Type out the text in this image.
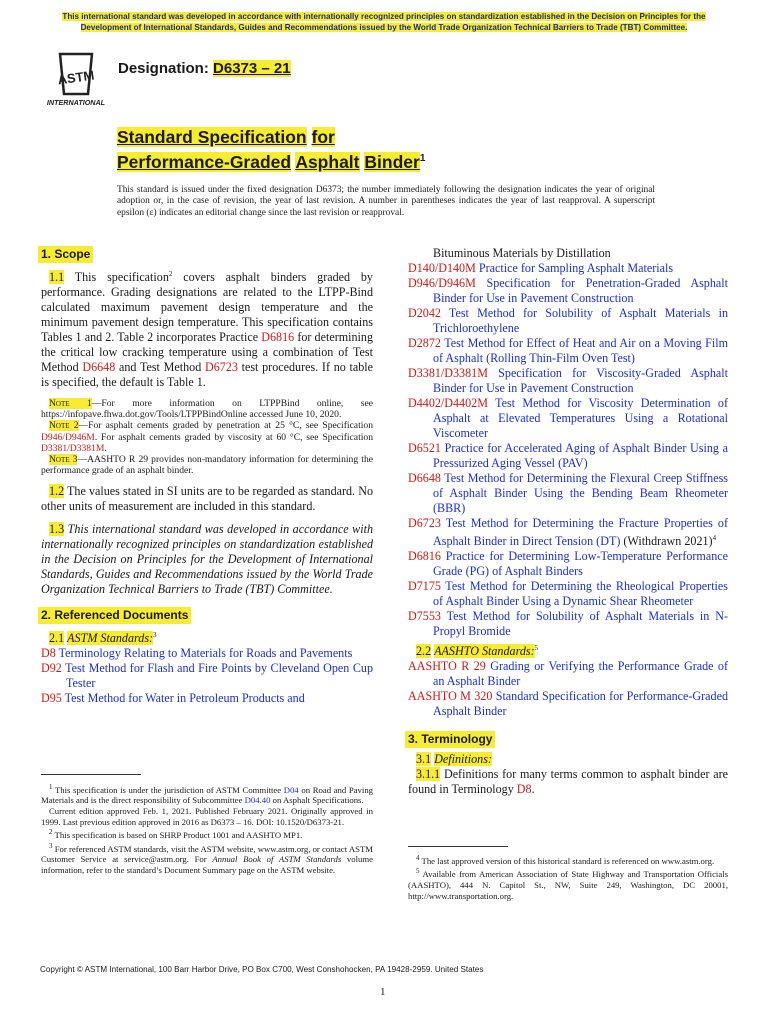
This international standard was developed in accordance with internationally recognized principles on standardization established in the Decision on Principles for the Development of International Standards, Guides and Recommendations issued by the World Trade Organization Technical Barriers to Trade (TBT) Committee.
ASTM
INTERNATIONAL
Designation: D6373 – 21
Standard Specification for
Performance-Graded Asphalt Binder$^1$
This standard is issued under the fixed designation D6373; the number immediately following the designation indicates the year of original adoption or, in the case of revision, the year of last revision. A number in parentheses indicates the year of last reapproval. A superscript epsilon (ε) indicates an editorial change since the last revision or reapproval.
1. Scope

1.1 This specification$^2$ covers asphalt binders graded by performance. Grading designations are related to the LTPP-Bind calculated maximum pavement design temperature and the minimum pavement design temperature. This specification contains Tables 1 and 2. Table 2 incorporates Practice D6816 for determining the critical low cracking temperature using a combination of Test Method D6648 and Test Method D6723 test procedures. If no table is specified, the default is Table 1.

Note 1—For more information on LTPPBind online, see https://infopave.fhwa.dot.gov/Tools/LTPPBindOnline accessed June 10, 2020.

Note 2—For asphalt cements graded by penetration at 25 °C, see Specification D946/D946M. For asphalt cements graded by viscosity at 60 °C, see Specification D3381/D3381M.

Note 3—AASHTO R 29 provides non-mandatory information for determining the performance grade of an asphalt binder.

1.2 The values stated in SI units are to be regarded as standard. No other units of measurement are included in this standard.

1.3 This international standard was developed in accordance with internationally recognized principles on standardization established in the Decision on Principles for the Development of International Standards, Guides and Recommendations issued by the World Trade Organization Technical Barriers to Trade (TBT) Committee.

2. Referenced Documents
2.1 ASTM Standards:$^3$

D8 Terminology Relating to Materials for Roads and Pavements

D92 Test Method for Flash and Fire Points by Cleveland Open Cup Tester

D95 Test Method for Water in Petroleum Products and

Bituminous Materials by Distillation

D140/D140M Practice for Sampling Asphalt Materials

D946/D946M Specification for Penetration-Graded Asphalt Binder for Use in Pavement Construction

D2042 Test Method for Solubility of Asphalt Materials in Trichloroethylene

D2872 Test Method for Effect of Heat and Air on a Moving Film of Asphalt (Rolling Thin-Film Oven Test)

D3381/D3381M Specification for Viscosity-Graded Asphalt Binder for Use in Pavement Construction

D4402/D4402M Test Method for Viscosity Determination of Asphalt at Elevated Temperatures Using a Rotational Viscometer

D6521 Practice for Accelerated Aging of Asphalt Binder Using a Pressurized Aging Vessel (PAV)

D6648 Test Method for Determining the Flexural Creep Stiffness of Asphalt Binder Using the Bending Beam Rheometer (BBR)

D6723 Test Method for Determining the Fracture Properties of Asphalt Binder in Direct Tension (DT) (Withdrawn 2021)$^4$

D6816 Practice for Determining Low-Temperature Performance Grade (PG) of Asphalt Binders

D7175 Test Method for Determining the Rheological Properties of Asphalt Binder Using a Dynamic Shear Rheometer

D7553 Test Method for Solubility of Asphalt Materials in N-Propyl Bromide

2.2 AASHTO Standards:$^5$

AASHTO R 29 Grading or Verifying the Performance Grade of an Asphalt Binder

AASHTO M 320 Standard Specification for Performance-Graded Asphalt Binder

3. Terminology
3.1 Definitions:

3.1.1 Definitions for many terms common to asphalt binder are found in Terminology D8.

$^1$ This specification is under the jurisdiction of ASTM Committee D04 on Road and Paving Materials and is the direct responsibility of Subcommittee D04.40 on Asphalt Specifications.

Current edition approved Feb. 1, 2021. Published February 2021. Originally approved in 1999. Last previous edition approved in 2016 as D6373 – 16. DOI: 10.1520/D6373-21.

$^2$ This specification is based on SHRP Product 1001 and AASHTO MP1.

$^3$ For referenced ASTM standards, visit the ASTM website, www.astm.org, or contact ASTM Customer Service at service@astm.org. For Annual Book of ASTM Standards volume information, refer to the standard’s Document Summary page on the ASTM website.

$^4$ The last approved version of this historical standard is referenced on www.astm.org.

$^5$ Available from American Association of State Highway and Transportation Officials (AASHTO), 444 N. Capitol St., NW, Suite 249, Washington, DC 20001, http://www.transportation.org.

Copyright © ASTM International, 100 Barr Harbor Drive, PO Box C700, West Conshohocken, PA 19428-2959. United States
1
